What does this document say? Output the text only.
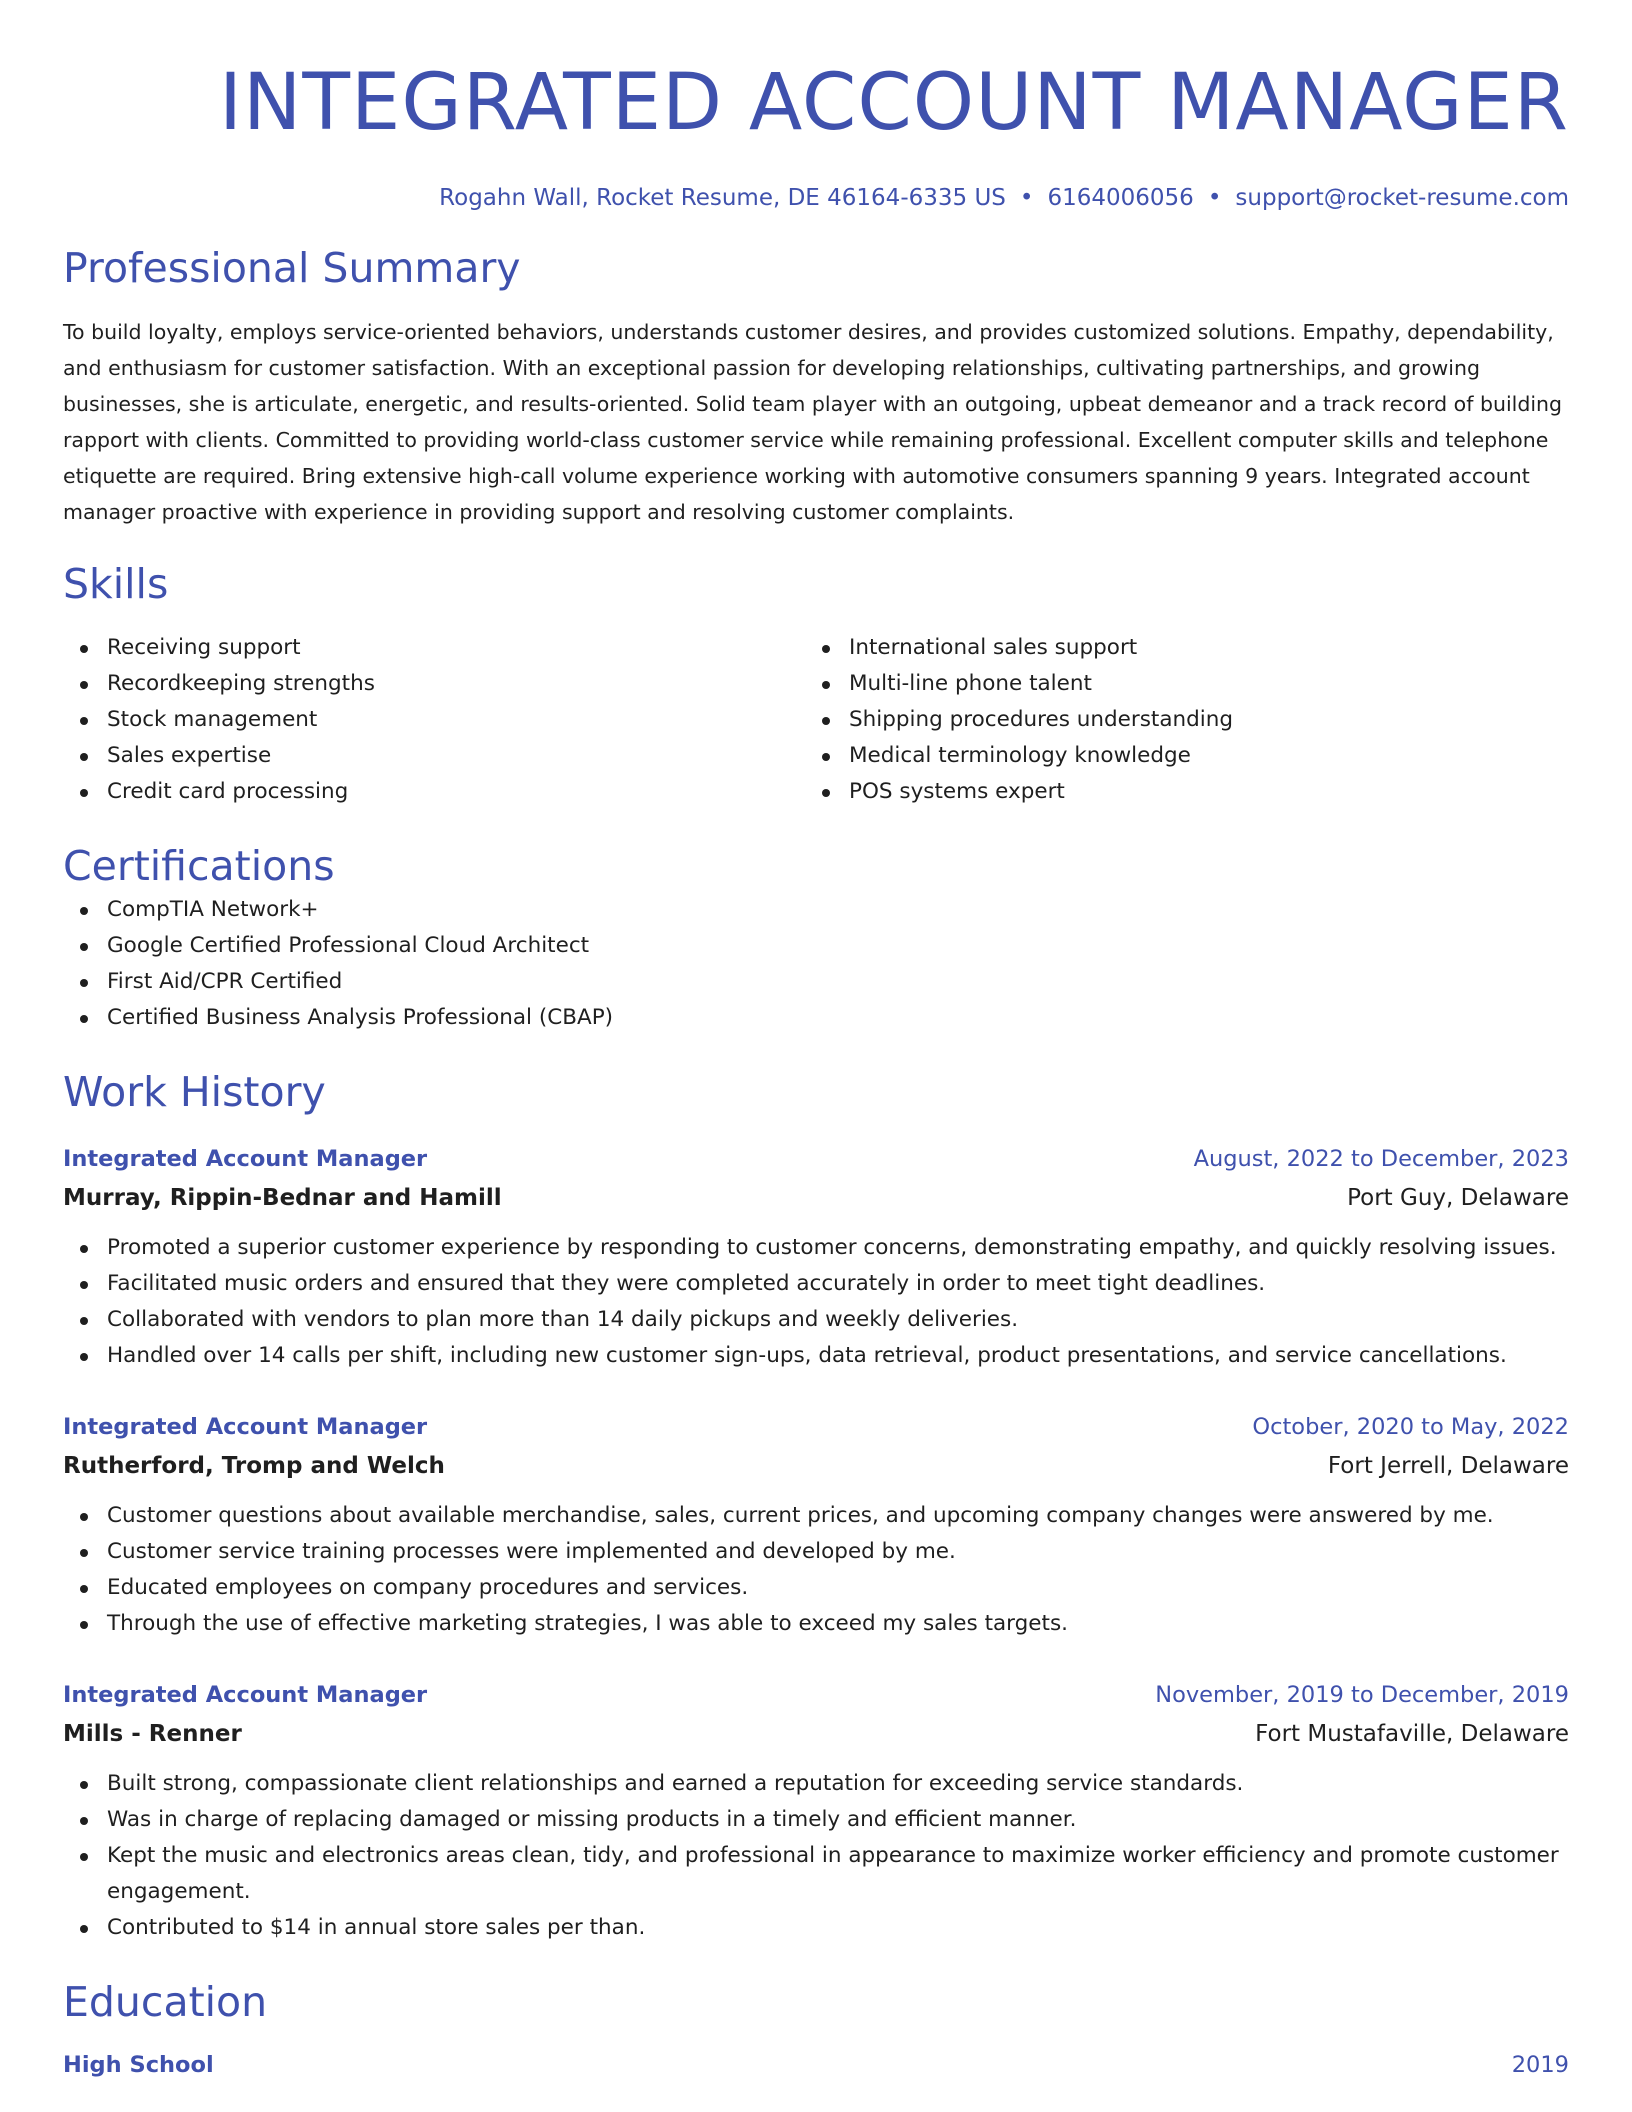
INTEGRATED ACCOUNT MANAGER
Rogahn Wall, Rocket Resume, DE 46164-6335 US • 6164006056 • support@rocket-resume.com
Professional Summary

To build loyalty, employs service-oriented behaviors, understands customer desires, and provides customized solutions. Empathy, dependability, and enthusiasm for customer satisfaction. With an exceptional passion for developing relationships, cultivating partnerships, and growing businesses, she is articulate, energetic, and results-oriented. Solid team player with an outgoing, upbeat demeanor and a track record of building rapport with clients. Committed to providing world-class customer service while remaining professional. Excellent computer skills and telephone etiquette are required. Bring extensive high-call volume experience working with automotive consumers spanning 9 years. Integrated account manager proactive with experience in providing support and resolving customer complaints.

Skills
Receiving support
Recordkeeping strengths
Stock management
Sales expertise
Credit card processing
International sales support
Multi-line phone talent
Shipping procedures understanding
Medical terminology knowledge
POS systems expert
Certifications
CompTIA Network+
Google Certified Professional Cloud Architect
First Aid/CPR Certified
Certified Business Analysis Professional (CBAP)
Work History
Integrated Account Manager	August, 2022 to December, 2023
Murray, Rippin-Bednar and Hamill	Port Guy, Delaware
Promoted a superior customer experience by responding to customer concerns, demonstrating empathy, and quickly resolving issues.
Facilitated music orders and ensured that they were completed accurately in order to meet tight deadlines.
Collaborated with vendors to plan more than 14 daily pickups and weekly deliveries.
Handled over 14 calls per shift, including new customer sign-ups, data retrieval, product presentations, and service cancellations.
Integrated Account Manager	October, 2020 to May, 2022
Rutherford, Tromp and Welch	Fort Jerrell, Delaware
Customer questions about available merchandise, sales, current prices, and upcoming company changes were answered by me.
Customer service training processes were implemented and developed by me.
Educated employees on company procedures and services.
Through the use of effective marketing strategies, I was able to exceed my sales targets.
Integrated Account Manager	November, 2019 to December, 2019
Mills - Renner	Fort Mustafaville, Delaware
Built strong, compassionate client relationships and earned a reputation for exceeding service standards.
Was in charge of replacing damaged or missing products in a timely and efficient manner.
Kept the music and electronics areas clean, tidy, and professional in appearance to maximize worker efficiency and promote customer engagement.
Contributed to $14 in annual store sales per than.
Education
High School	2019
